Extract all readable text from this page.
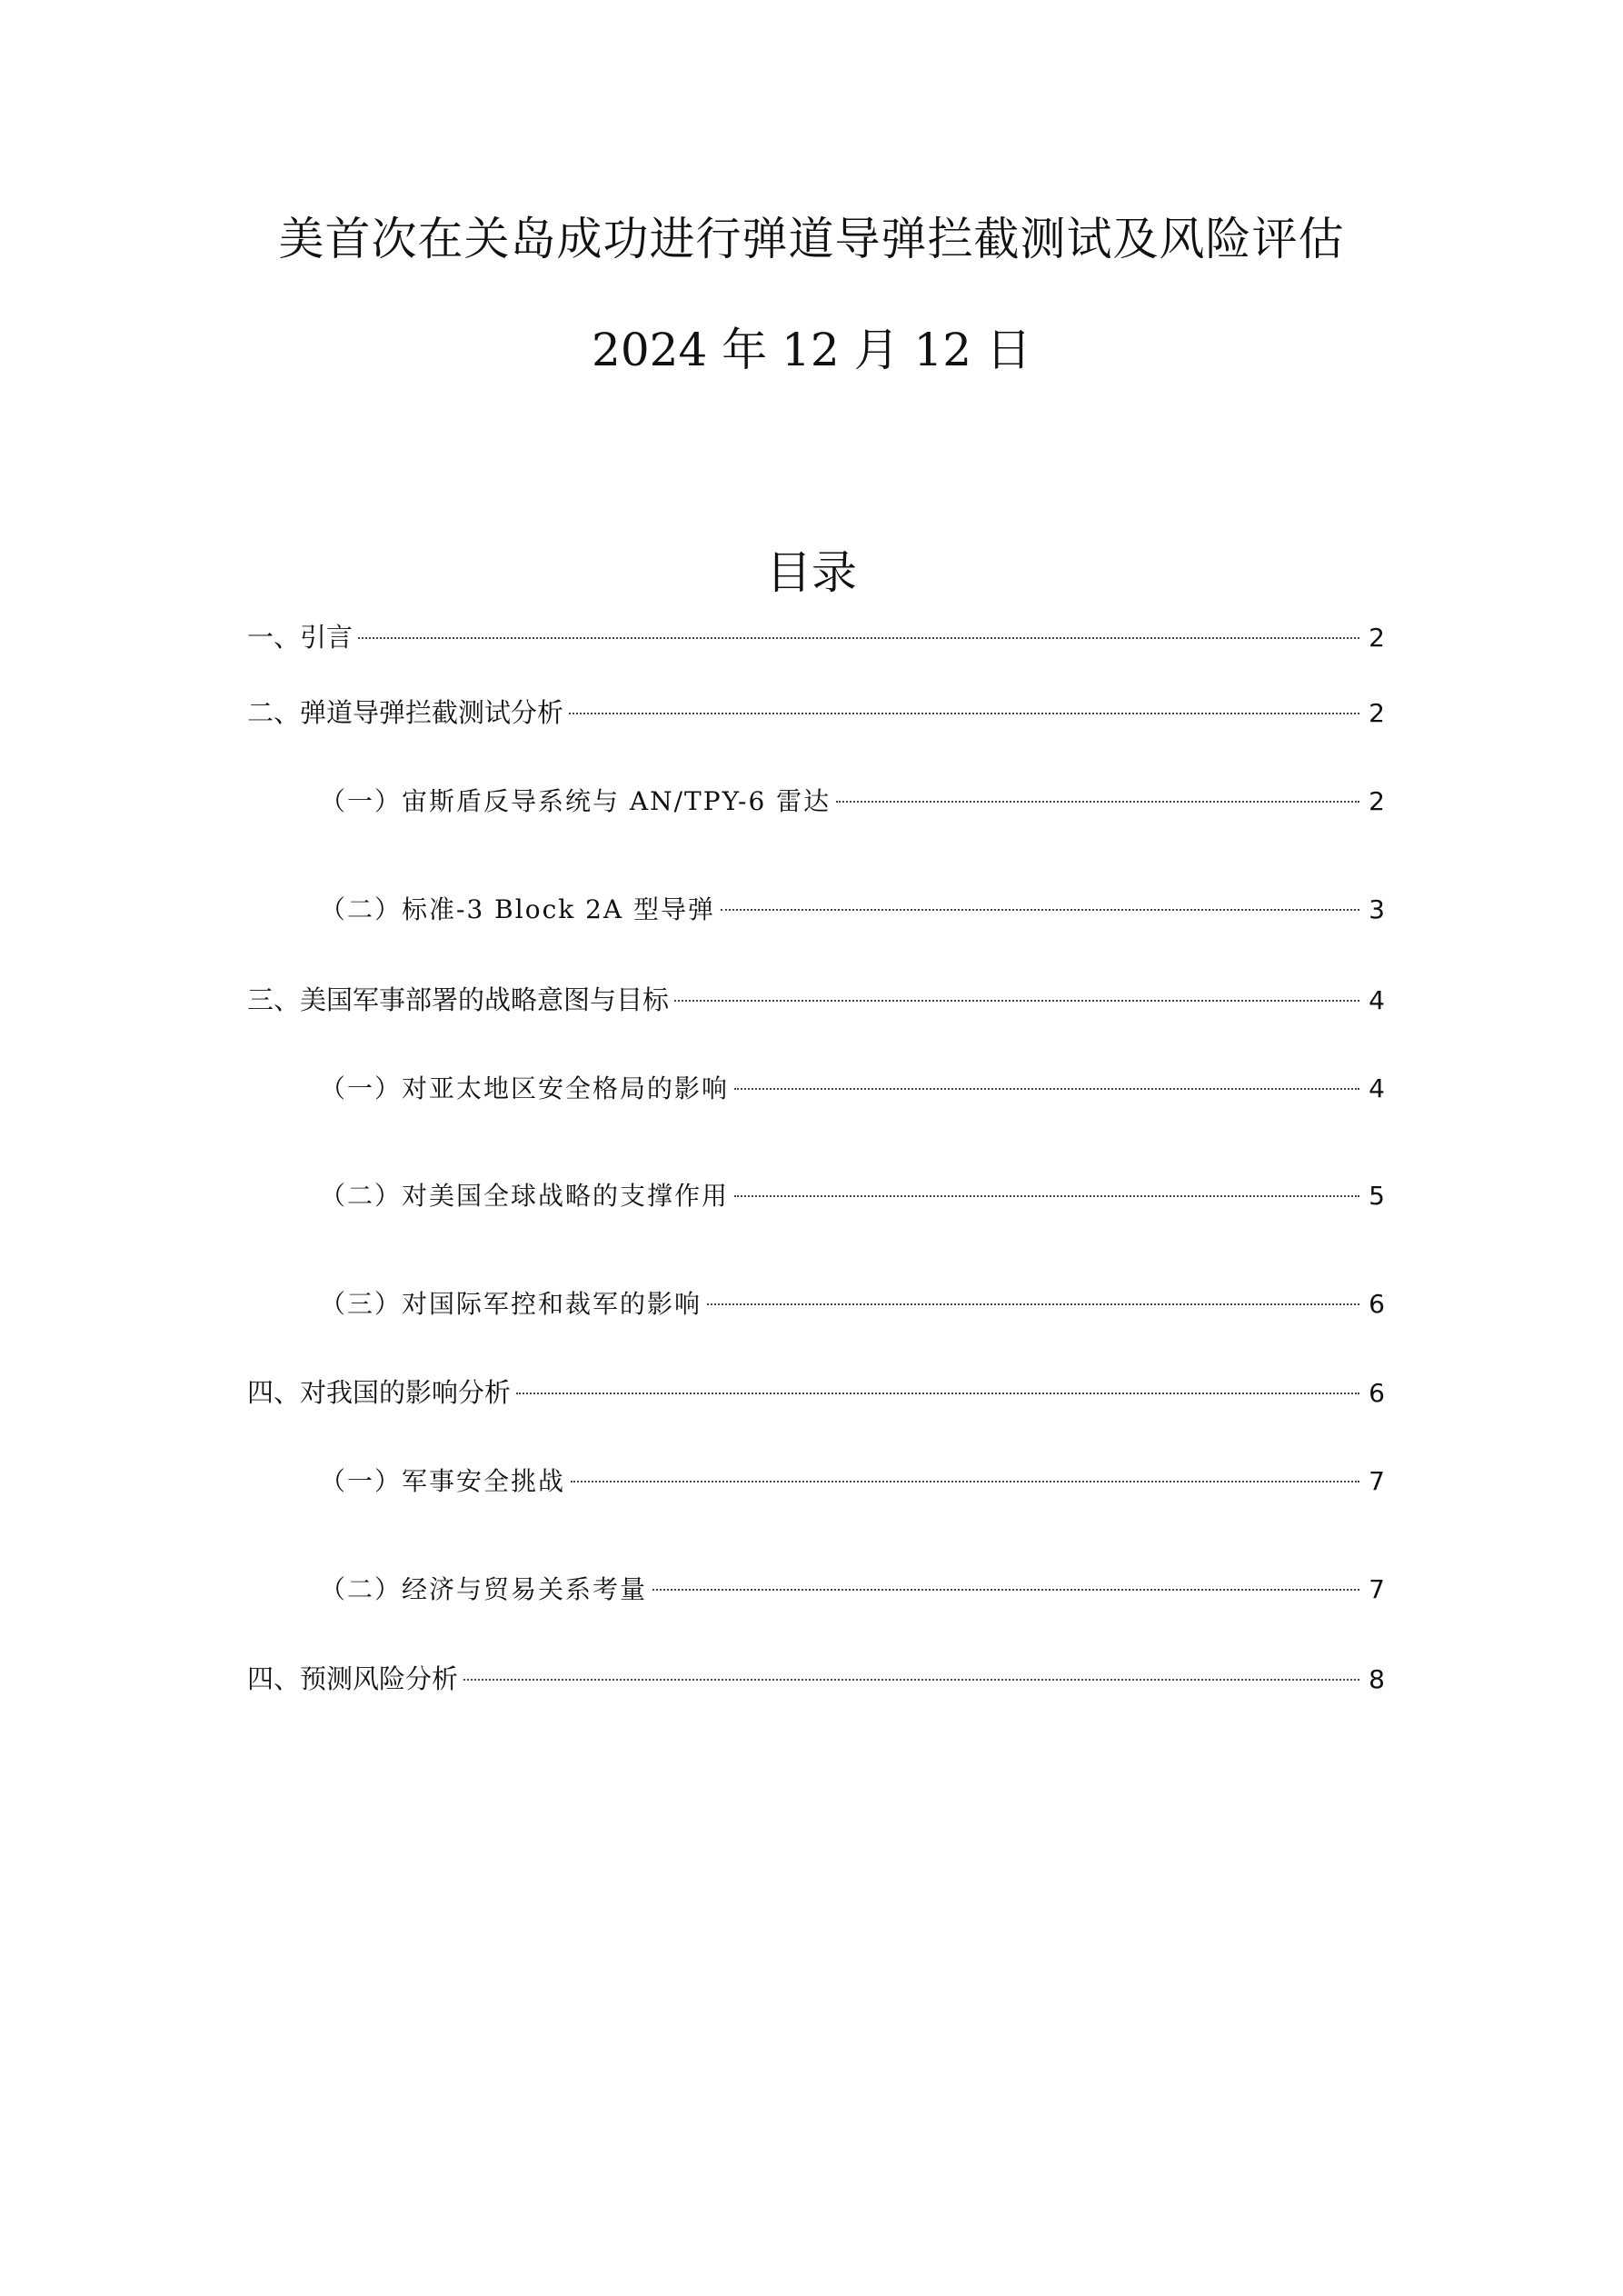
美首次在关岛成功进行弹道导弹拦截测试及风险评估
2024 年 12 月 12 日
目录
一、引言	2
二、弹道导弹拦截测试分析	2
（一）宙斯盾反导系统与 AN/TPY-6 雷达	2
（二）标准-3 Block 2A 型导弹	3
三、美国军事部署的战略意图与目标	4
（一）对亚太地区安全格局的影响	4
（二）对美国全球战略的支撑作用	5
（三）对国际军控和裁军的影响	6
四、对我国的影响分析	6
（一）军事安全挑战	7
（二）经济与贸易关系考量	7
四、预测风险分析	8
